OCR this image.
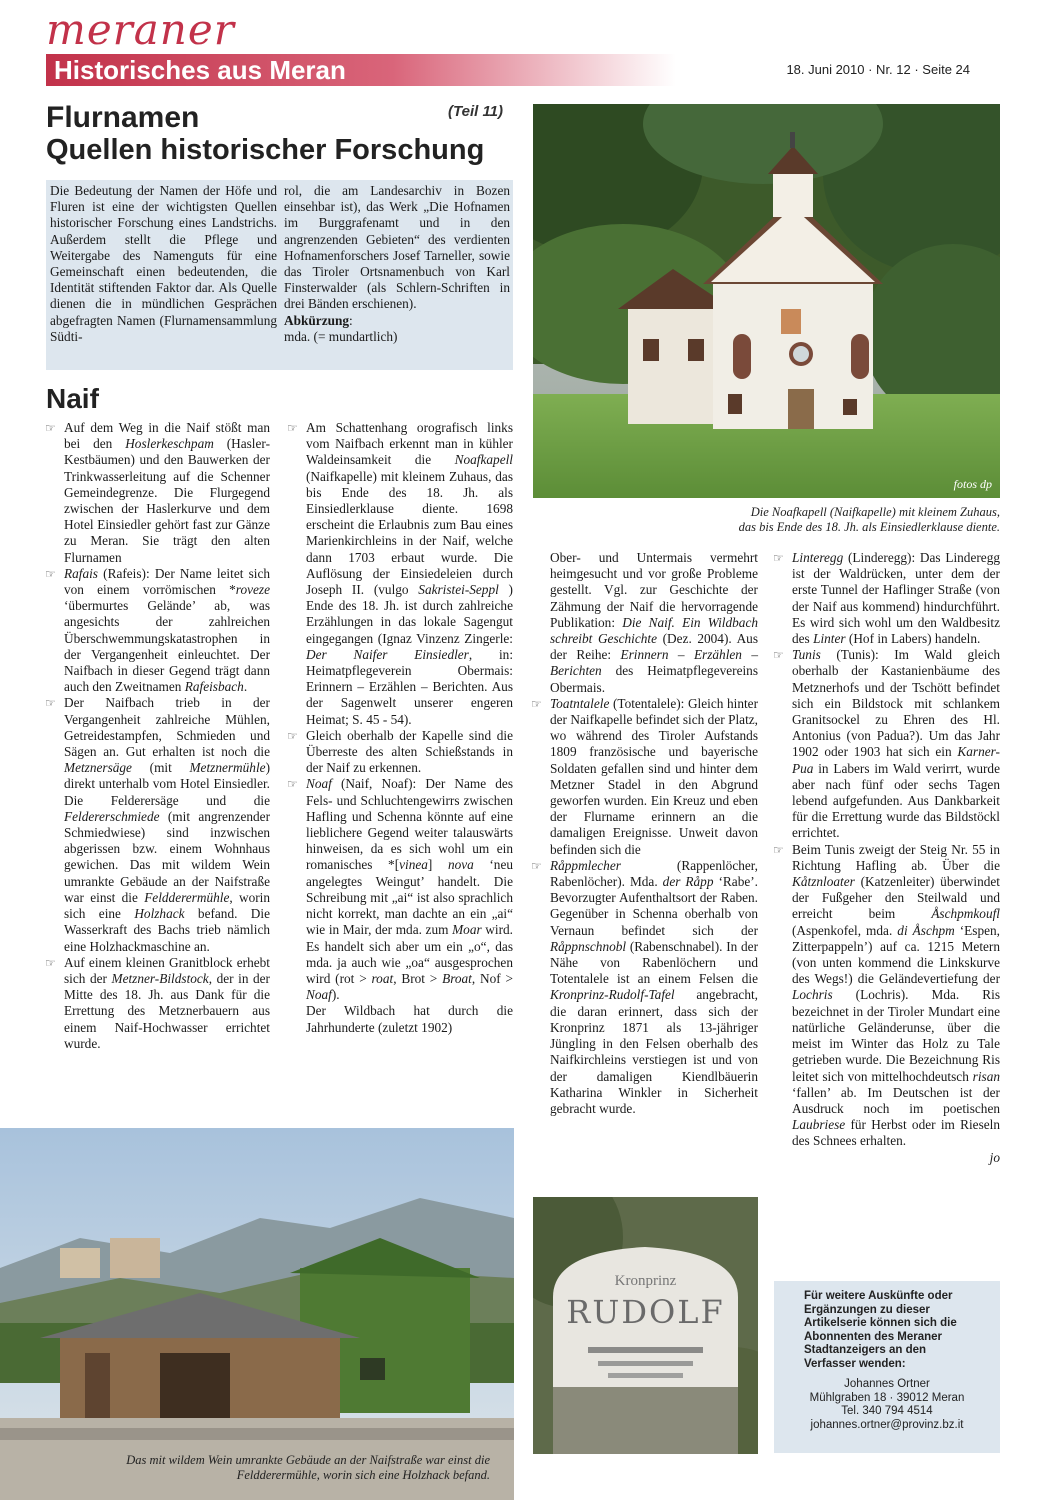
meraner
Historisches aus Meran	18. Juni 2010 · Nr. 12 · Seite 24
(Teil 11)
Flurnamen
Quellen historischer Forschung
Die Bedeutung der Namen der Höfe und Fluren ist eine der wichtigsten Quellen historischer Forschung eines Landstrichs. Außerdem stellt die Pflege und Weitergabe des Namenguts für eine Gemeinschaft einen bedeutenden, die Identität stiftenden Faktor dar. Als Quelle dienen die in mündlichen Gesprächen abgefragten Namen (Flurnamensammlung Südti-
rol, die am Landesarchiv in Bozen einsehbar ist), das Werk „Die Hofnamen im Burggrafenamt und in den angrenzenden Gebieten“ des verdienten Hofnamenforschers Josef Tarneller, sowie das Tiroler Ortsnamenbuch von Karl Finsterwalder (als Schlern-Schriften in drei Bänden erschienen).
Abkürzung:
mda. (= mundartlich)
Naif

☞ Auf dem Weg in die Naif stößt man bei den Hoslerkeschpam (Hasler-Kestbäumen) und den Bauwerken der Trinkwasserleitung auf die Schenner Gemeindegrenze. Die Flurgegend zwischen der Haslerkurve und dem Hotel Einsiedler gehört fast zur Gänze zu Meran. Sie trägt den alten Flurnamen

☞ Rafais (Rafeis): Der Name leitet sich von einem vorrömischen *roveze ‘übermurtes Gelände’ ab, was angesichts der zahlreichen Überschwemmungskatastrophen in der Vergangenheit einleuchtet. Der Naifbach in dieser Gegend trägt dann auch den Zweitnamen Rafeisbach.

☞ Der Naifbach trieb in der Vergangenheit zahlreiche Mühlen, Getreidestampfen, Schmieden und Sägen an. Gut erhalten ist noch die Metznersäge (mit Metznermühle) direkt unterhalb vom Hotel Einsiedler. Die Felderersäge und die Feldererschmiede (mit angrenzender Schmiedwiese) sind inzwischen abgerissen bzw. einem Wohnhaus gewichen. Das mit wildem Wein umrankte Gebäude an der Naifstraße war einst die Feldderermühle, worin sich eine Holzhack befand. Die Wasserkraft des Bachs trieb nämlich eine Holzhackmaschine an.

☞ Auf einem kleinen Granitblock erhebt sich der Metzner-Bildstock, der in der Mitte des 18. Jh. aus Dank für die Errettung des Metznerbauern aus einem Naif-Hochwasser errichtet wurde.

☞ Am Schattenhang orografisch links vom Naifbach erkennt man in kühler Waldeinsamkeit die Noafkapell (Naifkapelle) mit kleinem Zuhaus, das bis Ende des 18. Jh. als Einsiedlerklause diente. 1698 erscheint die Erlaubnis zum Bau eines Marienkirchleins in der Naif, welche dann 1703 erbaut wurde. Die Auflösung der Einsiedeleien durch Joseph II. (vulgo Sakristei-Seppl ) Ende des 18. Jh. ist durch zahlreiche Erzählungen in das lokale Sagengut eingegangen (Ignaz Vinzenz Zingerle: Der Naifer Einsiedler, in: Heimatpflegeverein Obermais: Erinnern – Erzählen – Berichten. Aus der Sagenwelt unserer engeren Heimat; S. 45 - 54).

☞ Gleich oberhalb der Kapelle sind die Überreste des alten Schießstands in der Naif zu erkennen.

☞ Noaf (Naif, Noaf): Der Name des Fels- und Schluchtengewirrs zwischen Hafling und Schenna könnte auf eine lieblichere Gegend weiter talauswärts hinweisen, da es sich wohl um ein romanisches *[vinea] nova ‘neu angelegtes Weingut’ handelt. Die Schreibung mit „ai“ ist also sprachlich nicht korrekt, man dachte an ein „ai“ wie in Mair, der mda. zum Moar wird. Es handelt sich aber um ein „o“, das mda. ja auch wie „oa“ ausgesprochen wird (rot > roat, Brot > Broat, Nof > Noaf).

Der Wildbach hat durch die Jahrhunderte (zuletzt 1902)

fotos dp
Die Noafkapell (Naifkapelle) mit kleinem Zuhaus,
das bis Ende des 18. Jh. als Einsiedlerklause diente.

Ober- und Untermais vermehrt heimgesucht und vor große Probleme gestellt. Vgl. zur Geschichte der Zähmung der Naif die hervorragende Publikation: Die Naif. Ein Wildbach schreibt Geschichte (Dez. 2004). Aus der Reihe: Erinnern – Erzählen – Berichten des Heimatpflegevereins Obermais.

☞ Toatntalele (Totentalele): Gleich hinter der Naifkapelle befindet sich der Platz, wo während des Tiroler Aufstands 1809 französische und bayerische Soldaten gefallen sind und hinter dem Metzner Stadel in den Abgrund geworfen wurden. Ein Kreuz und eben der Flurname erinnern an die damaligen Ereignisse. Unweit davon befinden sich die

☞ Råppmlecher (Rappenlöcher, Rabenlöcher). Mda. der Råpp ‘Rabe’. Bevorzugter Aufenthaltsort der Raben. Gegenüber in Schenna oberhalb von Vernaun befindet sich der Råppnschnobl (Rabenschnabel). In der Nähe von Rabenlöchern und Totentalele ist an einem Felsen die Kronprinz-Rudolf-Tafel angebracht, die daran erinnert, dass sich der Kronprinz 1871 als 13-jähriger Jüngling in den Felsen oberhalb des Naifkirchleins verstiegen ist und von der damaligen Kiendlbäuerin Katharina Winkler in Sicherheit gebracht wurde.

☞ Linteregg (Linderegg): Das Linderegg ist der Waldrücken, unter dem der erste Tunnel der Haflinger Straße (von der Naif aus kommend) hindurchführt. Es wird sich wohl um den Waldbesitz des Linter (Hof in Labers) handeln.

☞ Tunis (Tunis): Im Wald gleich oberhalb der Kastanienbäume des Metznerhofs und der Tschött befindet sich ein Bildstock mit schlankem Granitsockel zu Ehren des Hl. Antonius (von Padua?). Um das Jahr 1902 oder 1903 hat sich ein Karner-Pua in Labers im Wald verirrt, wurde aber nach fünf oder sechs Tagen lebend aufgefunden. Aus Dankbarkeit für die Errettung wurde das Bildstöckl errichtet.

☞ Beim Tunis zweigt der Steig Nr. 55 in Richtung Hafling ab. Über die Kåtznloater (Katzenleiter) überwindet der Fußgeher den Steilwald und erreicht beim Åschpmkoufl (Aspenkofel, mda. di Åschpm ‘Espen, Zitterpappeln’) auf ca. 1215 Metern (von unten kommend die Linkskurve des Wegs!) die Geländevertiefung der Lochris (Lochris). Mda. Ris bezeichnet in der Tiroler Mundart eine natürliche Geländerunse, über die meist im Winter das Holz zu Tale getrieben wurde. Die Bezeichnung Ris leitet sich von mittelhochdeutsch risan ‘fallen’ ab. Im Deutschen ist der Ausdruck noch im poetischen Laubriese für Herbst oder im Rieseln des Schnees erhalten.

jo

Das mit wildem Wein umrankte Gebäude an der Naifstraße war einst die
Feldderermühle, worin sich eine Holzhack befand.
Kronprinz
RUDOLF	Für weitere Auskünfte oder Ergänzungen zu dieser Artikelserie können sich die Abonnenten des Meraner Stadtanzeigers an den Verfasser wenden:
Johannes Ortner
Mühlgraben 18 · 39012 Meran
Tel. 340 794 4514
johannes.ortner@provinz.bz.it
